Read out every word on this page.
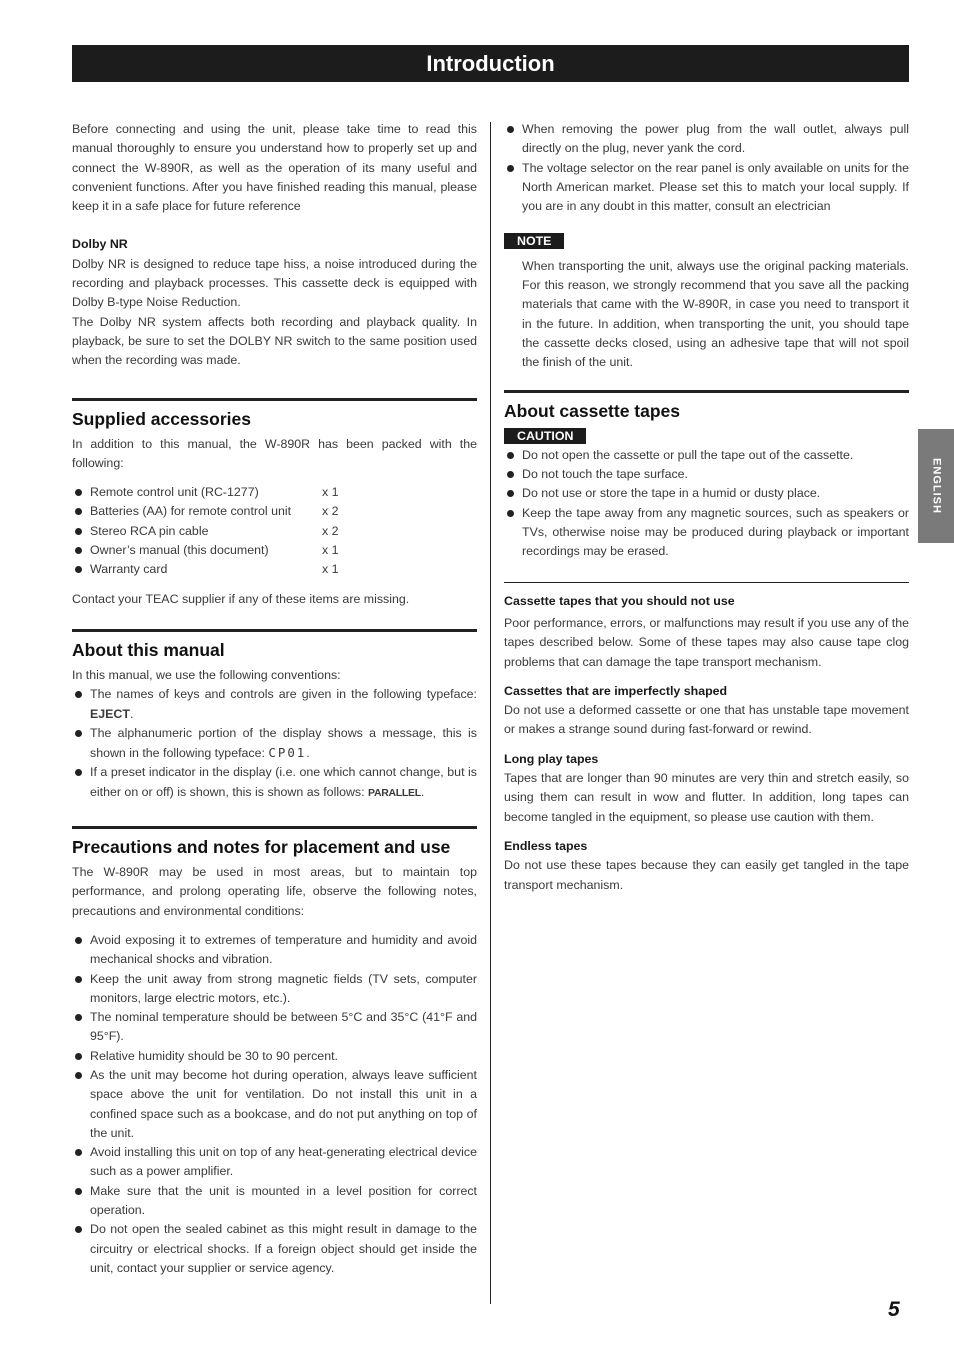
Introduction

Before connecting and using the unit, please take time to read this manual thoroughly to ensure you understand how to properly set up and connect the W-890R, as well as the operation of its many useful and convenient functions. After you have finished reading this manual, please keep it in a safe place for future reference

Dolby NR

Dolby NR is designed to reduce tape hiss, a noise introduced during the recording and playback processes. This cassette deck is equipped with Dolby B-type Noise Reduction.

The Dolby NR system affects both recording and playback quality. In playback, be sure to set the DOLBY NR switch to the same position used when the recording was made.

Supplied accessories

In addition to this manual, the W-890R has been packed with the following:

Remote control unit (RC-1277)	x 1
Batteries (AA) for remote control unit	x 2
Stereo RCA pin cable	x 2
Owner’s manual (this document)	x 1
Warranty card	x 1

Contact your TEAC supplier if any of these items are missing.

About this manual

In this manual, we use the following conventions:

The names of keys and controls are given in the following typeface: EJECT.
The alphanumeric portion of the display shows a message, this is shown in the following typeface: CP01.
If a preset indicator in the display (i.e. one which cannot change, but is either on or off) is shown, this is shown as follows: PARALLEL.
Precautions and notes for placement and use

The W-890R may be used in most areas, but to maintain top performance, and prolong operating life, observe the following notes, precautions and environmental conditions:

Avoid exposing it to extremes of temperature and humidity and avoid mechanical shocks and vibration.
Keep the unit away from strong magnetic fields (TV sets, computer monitors, large electric motors, etc.).
The nominal temperature should be between 5°C and 35°C (41°F and 95°F).
Relative humidity should be 30 to 90 percent.
As the unit may become hot during operation, always leave sufficient space above the unit for ventilation. Do not install this unit in a confined space such as a bookcase, and do not put anything on top of the unit.
Avoid installing this unit on top of any heat-generating electrical device such as a power amplifier.
Make sure that the unit is mounted in a level position for correct operation.
Do not open the sealed cabinet as this might result in damage to the circuitry or electrical shocks. If a foreign object should get inside the unit, contact your supplier or service agency.
When removing the power plug from the wall outlet, always pull directly on the plug, never yank the cord.
The voltage selector on the rear panel is only available on units for the North American market. Please set this to match your local supply. If you are in any doubt in this matter, consult an electrician
NOTE

When transporting the unit, always use the original packing materials. For this reason, we strongly recommend that you save all the packing materials that came with the W-890R, in case you need to transport it in the future. In addition, when transporting the unit, you should tape the cassette decks closed, using an adhesive tape that will not spoil the finish of the unit.

About cassette tapes
CAUTION
Do not open the cassette or pull the tape out of the cassette.
Do not touch the tape surface.
Do not use or store the tape in a humid or dusty place.
Keep the tape away from any magnetic sources, such as speakers or TVs, otherwise noise may be produced during playback or important recordings may be erased.
Cassette tapes that you should not use

Poor performance, errors, or malfunctions may result if you use any of the tapes described below. Some of these tapes may also cause tape clog problems that can damage the tape transport mechanism.

Cassettes that are imperfectly shaped

Do not use a deformed cassette or one that has unstable tape movement or makes a strange sound during fast-forward or rewind.

Long play tapes

Tapes that are longer than 90 minutes are very thin and stretch easily, so using them can result in wow and flutter. In addition, long tapes can become tangled in the equipment, so please use caution with them.

Endless tapes

Do not use these tapes because they can easily get tangled in the tape transport mechanism.

ENGLISH
5
